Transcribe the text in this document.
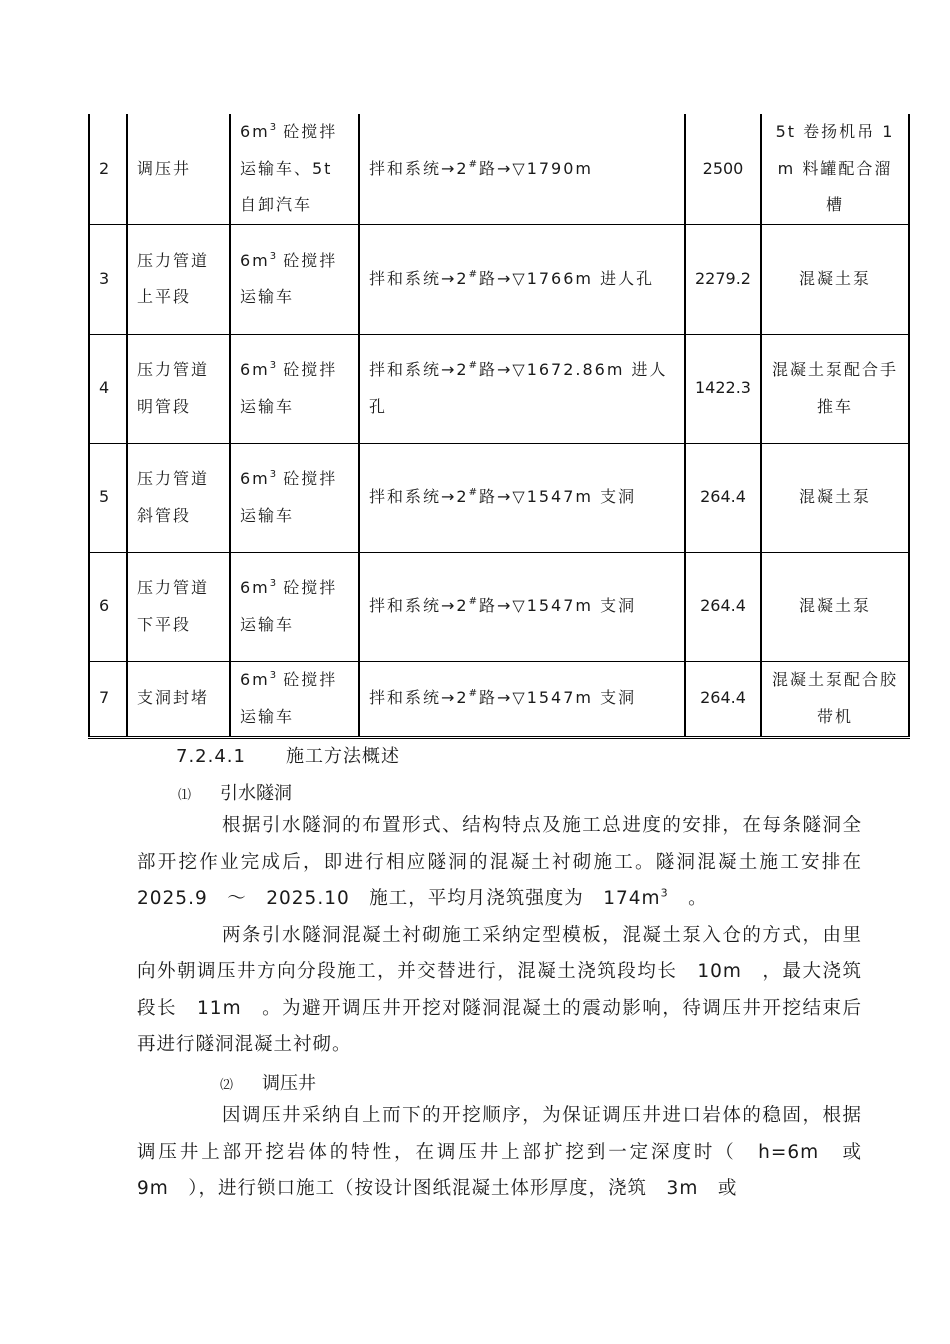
2	调压井	$6m^3$ 砼搅拌运输车、5t 自卸汽车	拌和系统→2#路→▽1790m	2500	5t 卷扬机吊 1m 料罐配合溜槽
3	压力管道上平段	$6m^3$ 砼搅拌运输车	拌和系统→2#路→▽1766m 进人孔	2279.2	混凝土泵
4	压力管道明管段	$6m^3$ 砼搅拌运输车	拌和系统→2#路→▽1672.86m 进人孔	1422.3	混凝土泵配合手推车
5	压力管道斜管段	$6m^3$ 砼搅拌运输车	拌和系统→2#路→▽1547m 支洞	264.4	混凝土泵
6	压力管道下平段	$6m^3$ 砼搅拌运输车	拌和系统→2#路→▽1547m 支洞	264.4	混凝土泵
7	支洞封堵	$6m^3$ 砼搅拌运输车	拌和系统→2#路→▽1547m 支洞	264.4	混凝土泵配合胶带机
7.2.4.1 施工方法概述
⑴ 引水隧洞

根据引水隧洞的布置形式、结构特点及施工总进度的安排，在每条隧洞全部开挖作业完成后，即进行相应隧洞的混凝土衬砌施工。隧洞混凝土施工安排在　2025.9　～　2025.10　施工，平均月浇筑强度为　$174m^3$　。

两条引水隧洞混凝土衬砌施工采纳定型模板，混凝土泵入仓的方式，由里向外朝调压井方向分段施工，并交替进行，混凝土浇筑段均长　10m　，最大浇筑段长　11m　。为避开调压井开挖对隧洞混凝土的震动影响，待调压井开挖结束后再进行隧洞混凝土衬砌。

⑵ 调压井

因调压井采纳自上而下的开挖顺序，为保证调压井进口岩体的稳固，根据调压井上部开挖岩体的特性，在调压井上部扩挖到一定深度时（　h=6m　或　9m　），进行锁口施工（按设计图纸混凝土体形厚度，浇筑　3m　或
